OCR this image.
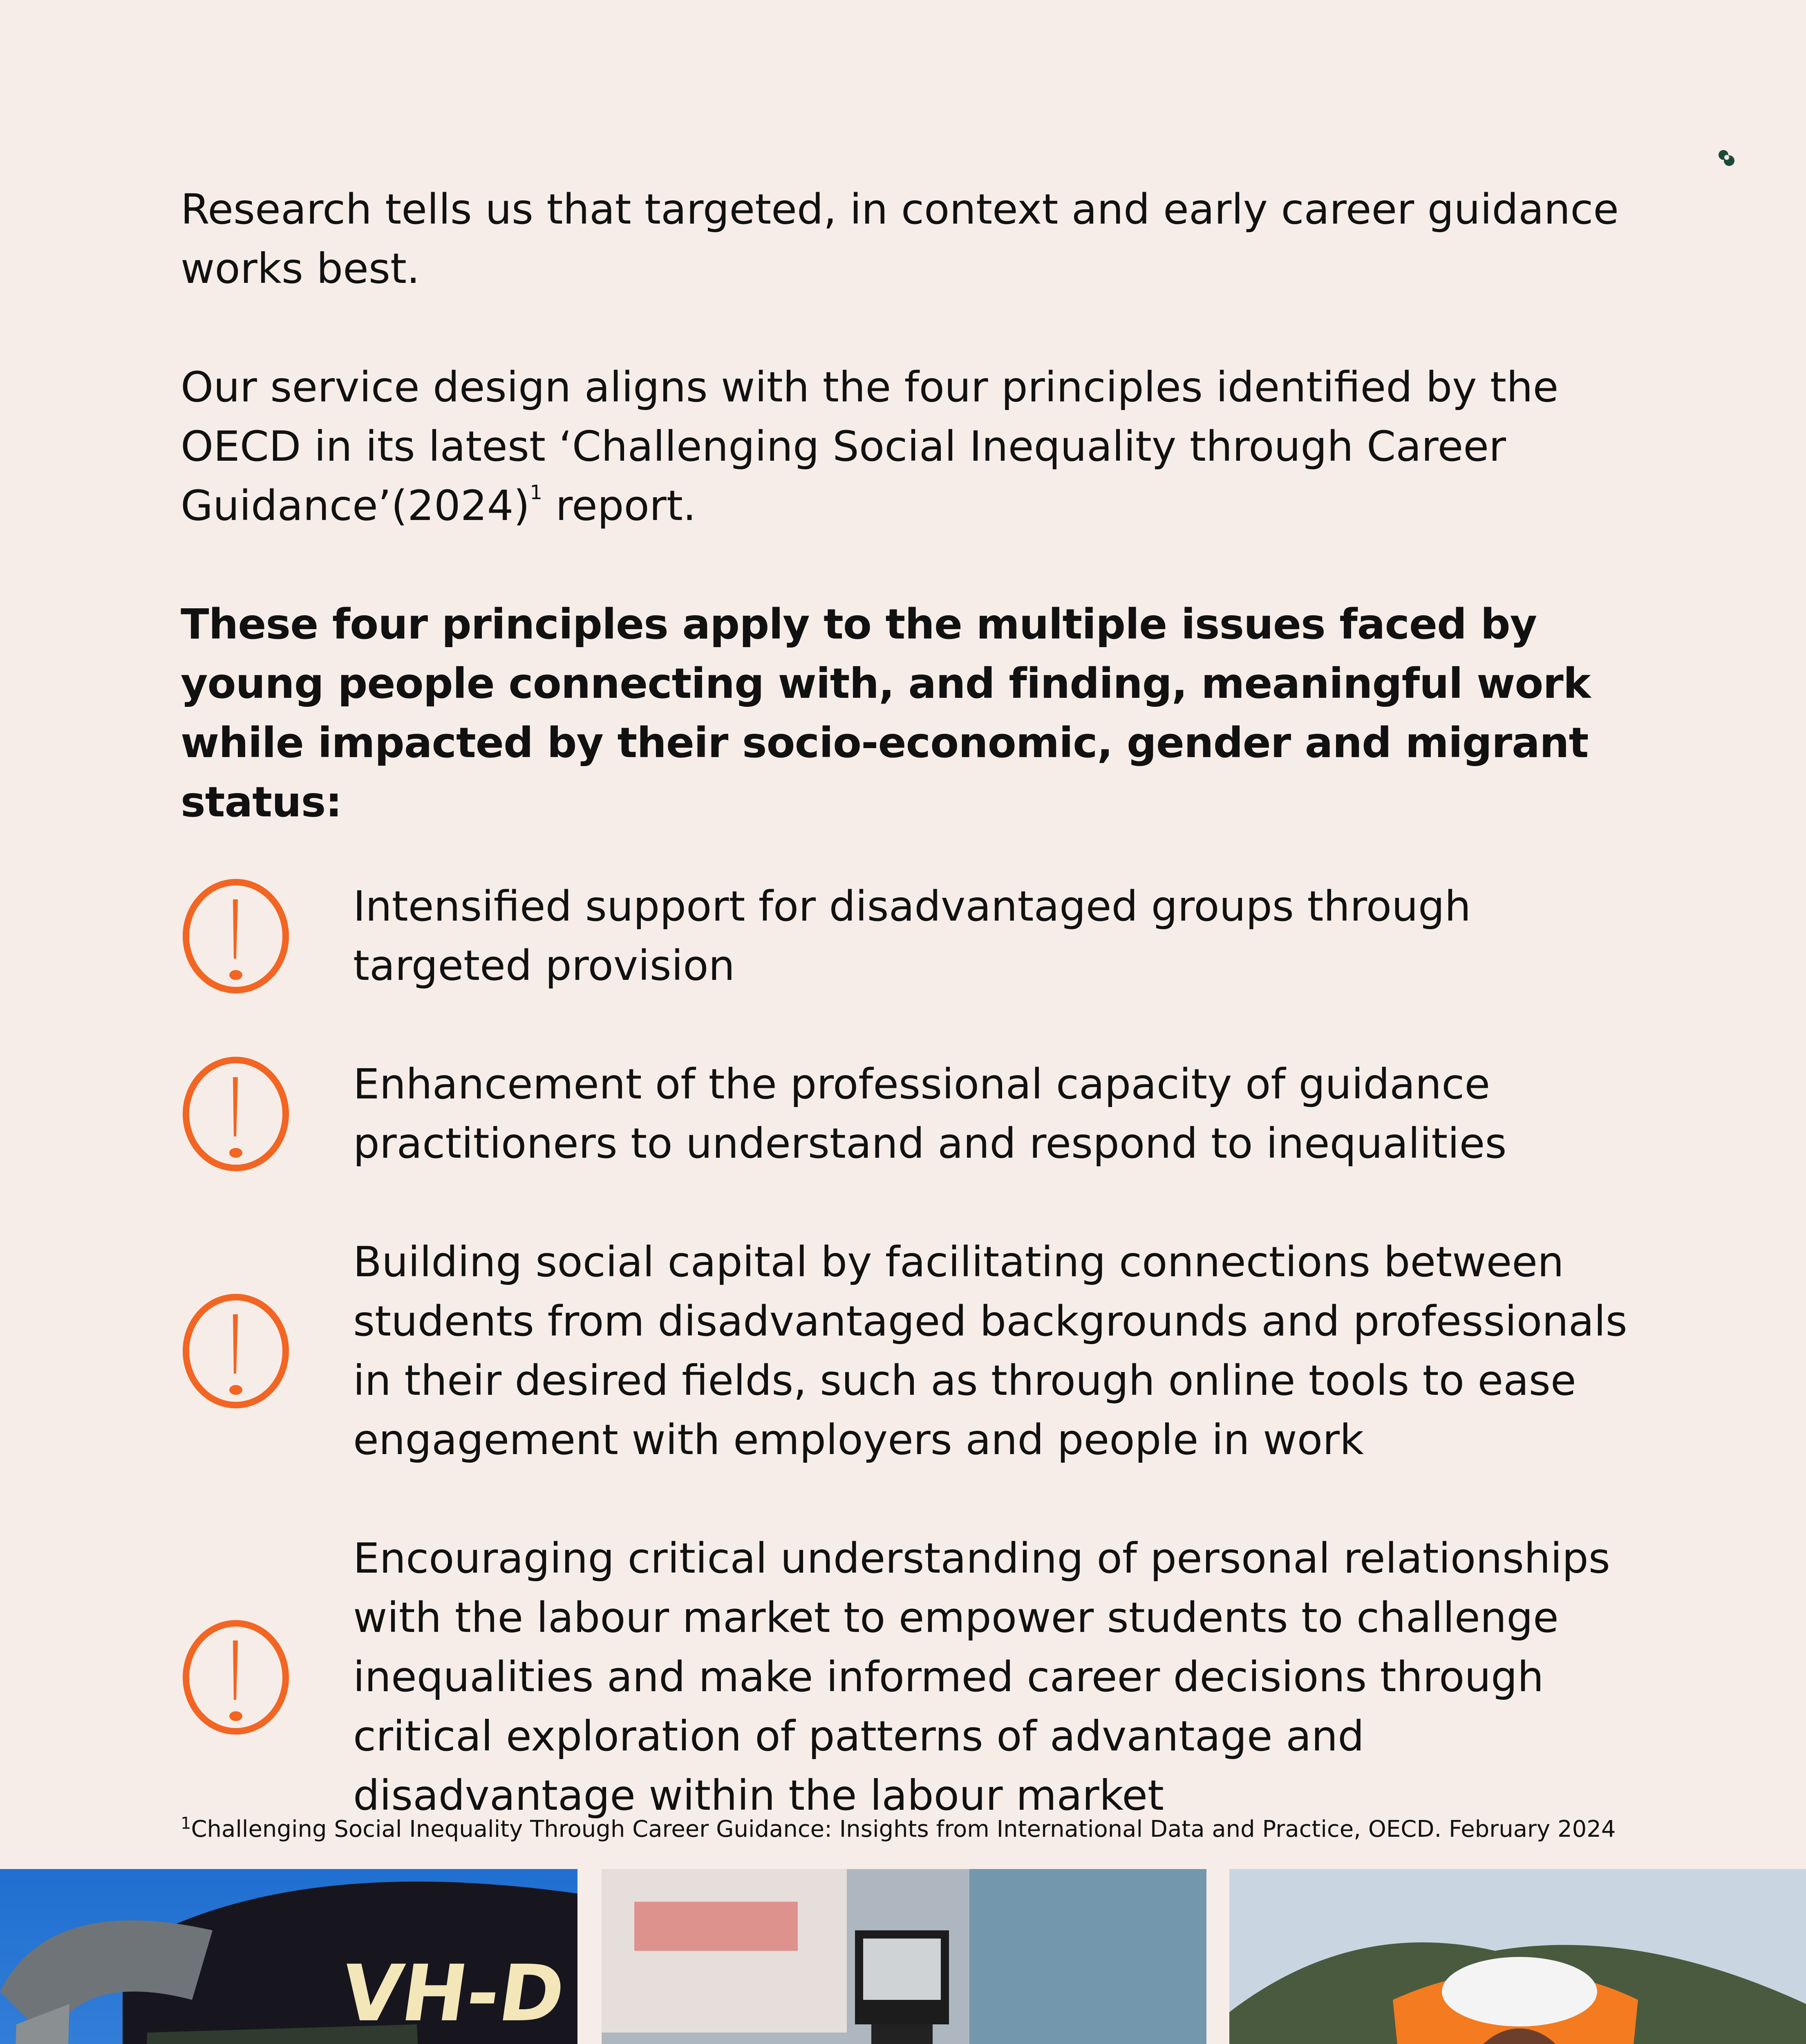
Research tells us that targeted, in context and early career guidance works best.

Our service design aligns with the four principles identified by the OECD in its latest ‘Challenging Social Inequality through Career $Guidance’(2024)^1$ report.

These four principles apply to the multiple issues faced by young people connecting with, and finding, meaningful work while impacted by their socio-economic, gender and migrant status:

Intensified support for disadvantaged groups through targeted provision
Enhancement of the professional capacity of guidance practitioners to understand and respond to inequalities
Building social capital by facilitating connections between students from disadvantaged backgrounds and professionals in their desired fields, such as through online tools to ease engagement with employers and people in work
Encouraging critical understanding of personal relationships with the labour market to empower students to challenge inequalities and make informed career decisions through critical exploration of patterns of advantage and disadvantage within the labour market
$^1$Challenging Social Inequality Through Career Guidance: Insights from International Data and Practice, OECD. February 2024
VH-D
